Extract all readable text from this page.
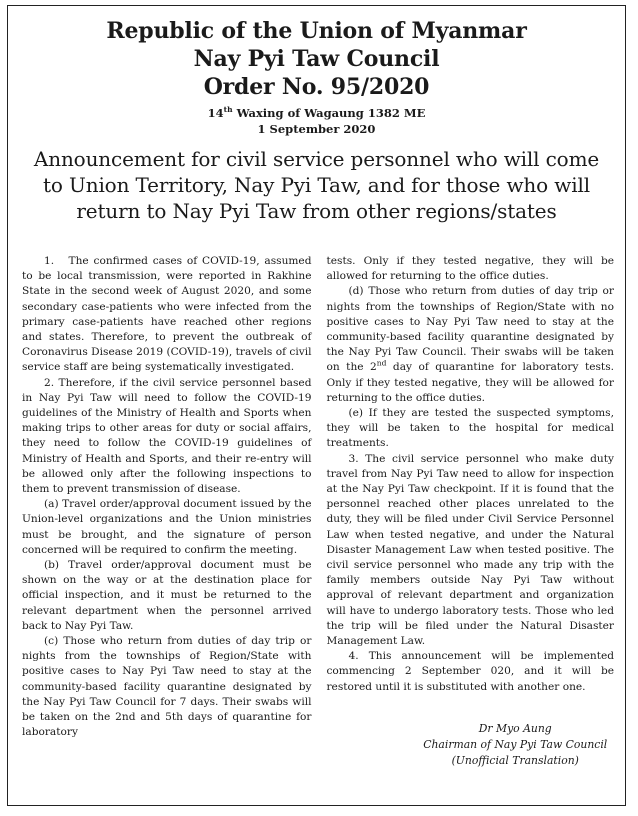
Republic of the Union of Myanmar
Nay Pyi Taw Council
Order No. 95/2020
14th Waxing of Wagaung 1382 ME
1 September 2020
Announcement for civil service personnel who will come
to Union Territory, Nay Pyi Taw, and for those who will
return to Nay Pyi Taw from other regions/states

1.   The confirmed cases of COVID-19, assumed to be local transmission, were reported in Rakhine State in the second week of August 2020, and some secondary case-patients who were infected from the primary case-patients have reached other regions and states. Therefore, to prevent the outbreak of Coronavirus Disease 2019 (COVID-19), travels of civil service staff are being systematically investigated.

2. Therefore, if the civil service personnel based in Nay Pyi Taw will need to follow the COVID-19 guidelines of the Ministry of Health and Sports when making trips to other areas for duty or social affairs, they need to follow the COVID-19 guidelines of Ministry of Health and Sports, and their re-entry will be allowed only after the following inspections to them to prevent transmission of disease.

(a) Travel order/approval document issued by the Union-level organizations and the Union ministries must be brought, and the signature of person concerned will be required to confirm the meeting.

(b) Travel order/approval document must be shown on the way or at the destination place for official inspection, and it must be returned to the relevant department when the personnel arrived back to Nay Pyi Taw.

(c) Those who return from duties of day trip or nights from the townships of Region/State with positive cases to Nay Pyi Taw need to stay at the community-based facility quarantine designated by the Nay Pyi Taw Council for 7 days. Their swabs will be taken on the 2nd and 5th days of quarantine for laboratory

tests. Only if they tested negative, they will be allowed for returning to the office duties.

(d) Those who return from duties of day trip or nights from the townships of Region/State with no positive cases to Nay Pyi Taw need to stay at the community-based facility quarantine designated by the Nay Pyi Taw Council. Their swabs will be taken on the 2nd day of quarantine for laboratory tests. Only if they tested negative, they will be allowed for returning to the office duties.

(e) If they are tested the suspected symptoms, they will be taken to the hospital for medical treatments.

3. The civil service personnel who make duty travel from Nay Pyi Taw need to allow for inspection at the Nay Pyi Taw checkpoint. If it is found that the personnel reached other places unrelated to the duty, they will be filed under Civil Service Personnel Law when tested negative, and under the Natural Disaster Management Law when tested positive. The civil service personnel who made any trip with the family members outside Nay Pyi Taw without approval of relevant department and organization will have to undergo laboratory tests. Those who led the trip will be filed under the Natural Disaster Management Law.

4. This announcement will be implemented commencing 2 September 020, and it will be restored until it is substituted with another one.

Dr Myo Aung
Chairman of Nay Pyi Taw Council
(Unofficial Translation)
